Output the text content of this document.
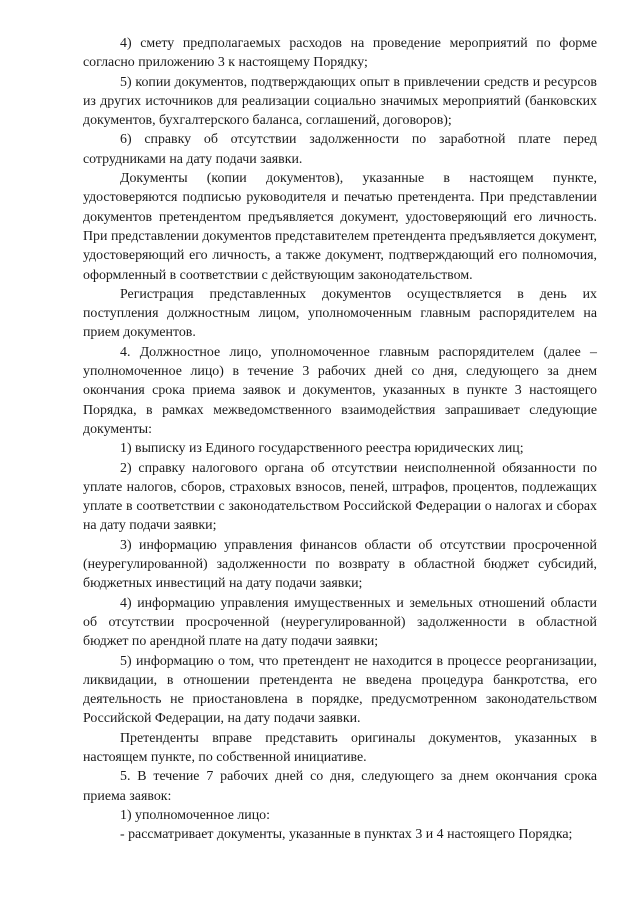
4) смету предполагаемых расходов на проведение мероприятий по форме согласно приложению 3 к настоящему Порядку;

5) копии документов, подтверждающих опыт в привлечении средств и ресурсов из других источников для реализации социально значимых мероприятий (банковских документов, бухгалтерского баланса, соглашений, договоров);

6) справку об отсутствии задолженности по заработной плате перед сотрудниками на дату подачи заявки.

Документы (копии документов), указанные в настоящем пункте, удостоверяются подписью руководителя и печатью претендента. При представлении документов претендентом предъявляется документ, удостоверяющий его личность. При представлении документов представителем претендента предъявляется документ, удостоверяющий его личность, а также документ, подтверждающий его полномочия, оформленный в соответствии с действующим законодательством.

Регистрация представленных документов осуществляется в день их поступления должностным лицом, уполномоченным главным распорядителем на прием документов.

4. Должностное лицо, уполномоченное главным распорядителем (далее – уполномоченное лицо) в течение 3 рабочих дней со дня, следующего за днем окончания срока приема заявок и документов, указанных в пункте 3 настоящего Порядка, в рамках межведомственного взаимодействия запрашивает следующие документы:

1) выписку из Единого государственного реестра юридических лиц;

2) справку налогового органа об отсутствии неисполненной обязанности по уплате налогов, сборов, страховых взносов, пеней, штрафов, процентов, подлежащих уплате в соответствии с законодательством Российской Федерации о налогах и сборах на дату подачи заявки;

3) информацию управления финансов области об отсутствии просроченной (неурегулированной) задолженности по возврату в областной бюджет субсидий, бюджетных инвестиций на дату подачи заявки;

4) информацию управления имущественных и земельных отношений области об отсутствии просроченной (неурегулированной) задолженности в областной бюджет по арендной плате на дату подачи заявки;

5) информацию о том, что претендент не находится в процессе реорганизации, ликвидации, в отношении претендента не введена процедура банкротства, его деятельность не приостановлена в порядке, предусмотренном законодательством Российской Федерации, на дату подачи заявки.

Претенденты вправе представить оригиналы документов, указанных в настоящем пункте, по собственной инициативе.

5. В течение 7 рабочих дней со дня, следующего за днем окончания срока приема заявок:

1) уполномоченное лицо:

- рассматривает документы, указанные в пунктах 3 и 4 настоящего Порядка;
